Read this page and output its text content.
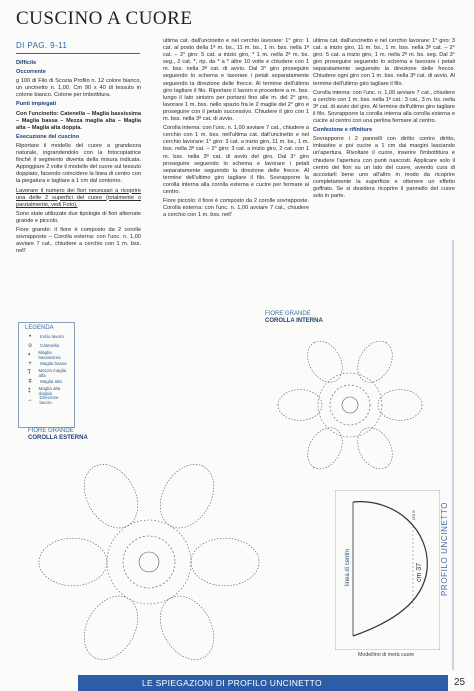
CUSCINO A CUORE
DI PAG. 9-11

Difficile

Occorrente

g 100 di Filo di Scozia Profilo n. 12 colore bianco, un uncinetto n. 1,00. Cm 90 x 40 di tessuto in cotone bianco. Cotone per imbottitura.

Punti impiegati

Con l'uncinetto: Catenella – Maglia bassissima – Maglia bassa – Mezza maglia alta – Maglia alta – Maglia alta doppia.

Esecuzione del cuscino

Riportare il modello del cuore a grandezza naturale, ingrandendolo con la fotocopiatrice finché il segmento diventa della misura indicata. Appoggiare 2 volte il modello del cuore sul tessuto doppiato, facendo coincidere la linea di centro con la piegatura e tagliare a 1 cm dal contorno.

Lavorare il numero dei fiori necessari a ricoprire una delle 2 superfici del cuore (totalmente o parzialmente, vedi Foto).

Sono state utilizzate due tipologie di fiori alternate grande e piccolo.

Fiore grande: il fiore è composto da 2 corolle sovrapposte – Corolla esterna: con l'unc. n. 1,00 avviare 7 cat., chiudere a cerchio con 1 m. bss. nell'

ultima cat. dall'uncinetto e nel cerchio lavorare: 1° giro: 1 cat. al posto della 1ª m. bs., 11 m. bs., 1 m. bss. nella 1ª cat. – 2° giro: 5 cat. a inizio giro, * 1 m. nella 2ª m. bs. seg., 2 cat. *, rip. da * a * altre 10 volte e chiudere con 1 m. bss. nella 3ª cat. di avvio. Dal 3° giro proseguire seguendo lo schema e lavorare i petali separatamente seguendo la direzione delle frecce. Al termine dell'ultimo giro tagliare il filo. Riportare il lavoro e procedere a m. bss. lungo il lato sinistro per portarsi fino alle m. del 2° giro, lavorare 1 m. bss. nello spazio fra le 2 maglie del 2° giro e proseguire con il petalo successivo. Chiudere il giro con 1 m. bss. nella 3ª cat. di avvio.

Corolla interna: con l'unc. n. 1,00 avviare 7 cat., chiudere a cerchio con 1 m. bss. nell'ultima cat. dall'uncinetto e nel cerchio lavorare: 1° giro: 3 cat. a inizio giro, 11 m. bs., 1 m. bss. nella 3ª cat. – 2° giro: 3 cat. a inizio giro, 2 cat. con 1 m. bss. nella 3ª cat. di avvio del giro. Dal 3° giro proseguire seguendo lo schema e lavorare i petali separatamente seguendo la direzione delle frecce. Al termine dell'ultimo giro tagliare il filo. Sovrapporre la corolla interna alla corolla esterna e cucire per fermare al centro.

Fiore piccolo: il fiore è composto da 2 corolle sovrapposte. Corolla esterna: con l'unc. n. 1,00 avviare 7 cat., chiudere a cerchio con 1 m. bss. nell'

ultima cat. dall'uncinetto e nel cerchio lavorare: 1° giro: 3 cat. a inizio giro, 11 m. bs., 1 m. bss. nella 3ª cat. – 2° giro: 5 cat. a inizio giro, 1 m. nella 2ª m. bs. seg. Dal 3° giro proseguire seguendo lo schema e lavorare i petali separatamente seguendo la direzione delle frecce. Chiudere ogni giro con 1 m. bss. nella 3ª cat. di avvio. Al termine dell'ultimo giro tagliare il filo.

Corolla interna: con l'unc. n. 1,00 avviare 7 cat., chiudere a cerchio con 1 m. bss. nella 1ª cat.: 3 cat., 3 m. bs. nella 3ª cat. di avvio del giro. Al termine dell'ultimo giro tagliare il filo. Sovrapporre la corolla interna alla corolla esterna e cucire al centro con una perlina fermare al centro.

Confezione e rifiniture

Sovrapporre i 2 pannelli con diritto contro diritto, imbastire e poi cucire a 1 cm dai margini lasciando un'apertura. Rivoltare il cuore, inserire l'imbottitura e chiudere l'apertura con punti nascosti. Applicare solo il centro dei fiori su un lato del cuore, avendo cura di accostarli bene uno all'altro in modo da ricoprire completamente la superficie e ottenere un effetto goffrato. Se si desidera ricoprire il pannello del cuore solo in parte.

LEGENDA
•	Inizio lavoro
o	Catenella
▪	Maglia bassissima
+	Maglia bassa
T	Mezza maglia alta
ǂ	Maglia alta
‡	Maglia alta doppia
→	Direzione lavoro
FIORE GRANDE
COROLLA INTERNA
FIORE GRANDE
COROLLA ESTERNA
linea di centro	cm 37
cm 5
Modellino di metà cuore
PROFILO UNCINETTO
LE SPIEGAZIONI DI PROFILO UNCINETTO	25
